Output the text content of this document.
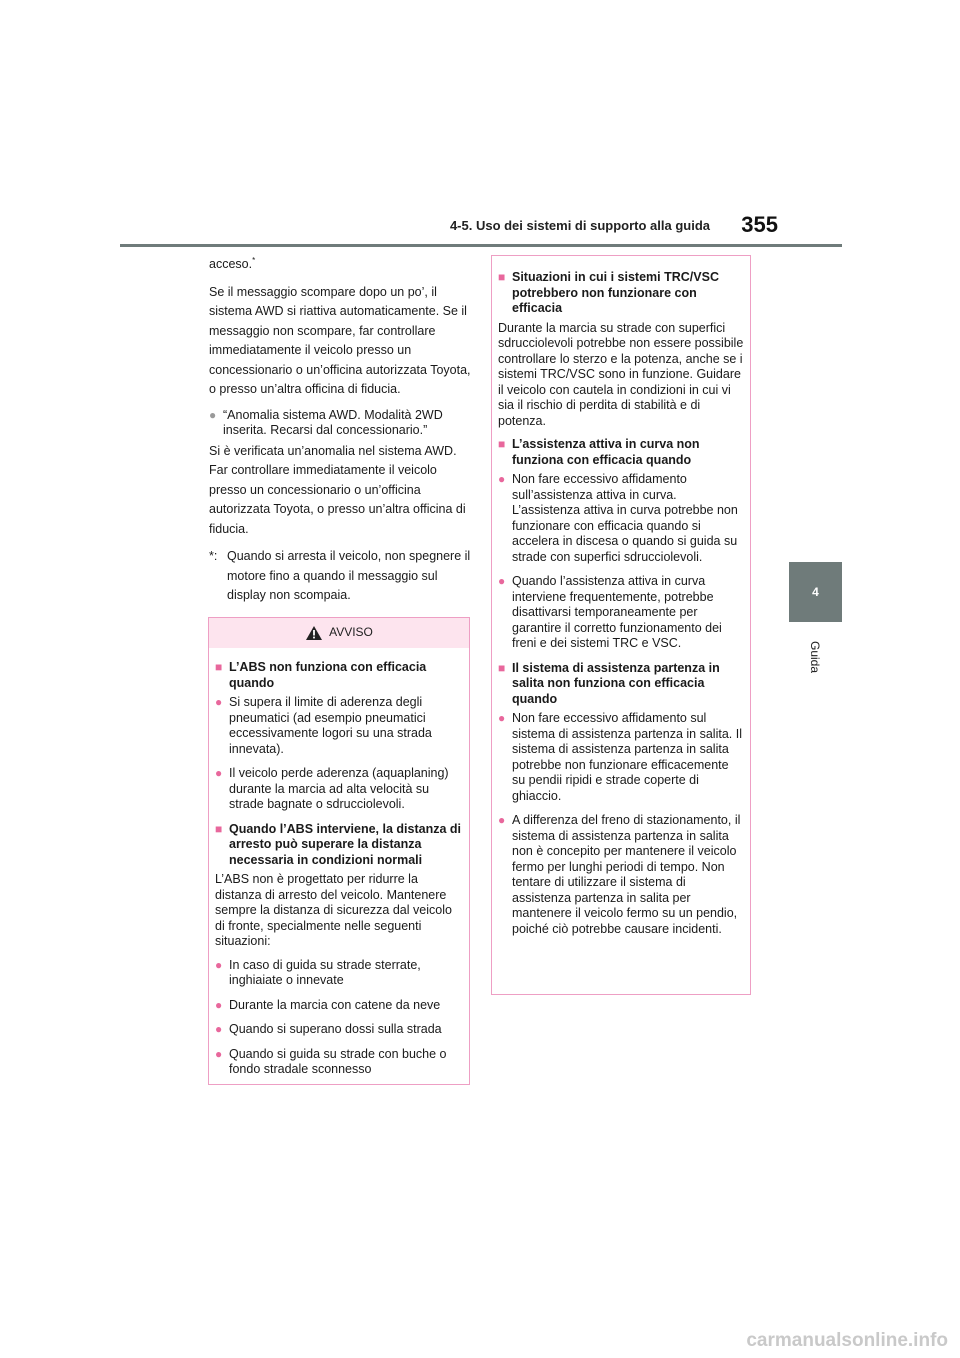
4-5. Uso dei sistemi di supporto alla guida	355
4
Guida

acceso.*

Se il messaggio scompare dopo un po’, il sistema AWD si riattiva automaticamente. Se il messaggio non scompare, far controllare immediatamente il veicolo presso un concessionario o un’officina autorizzata Toyota, o presso un’altra officina di fiducia.

● “Anomalia sistema AWD. Modalità 2WD inserita. Recarsi dal concessionario.”

Si è verificata un’anomalia nel sistema AWD. Far controllare immediatamente il veicolo presso un concessionario o un’officina autorizzata Toyota, o presso un’altra officina di fiducia.

*: Quando si arresta il veicolo, non spegnere il motore fino a quando il messaggio sul display non scompaia.
AVVISO
■ L’ABS non funziona con efficacia quando
● Si supera il limite di aderenza degli pneumatici (ad esempio pneumatici eccessivamente logori su una strada innevata).
● Il veicolo perde aderenza (aquaplaning) durante la marcia ad alta velocità su strade bagnate o sdrucciolevoli.
■ Quando l’ABS interviene, la distanza di arresto può superare la distanza necessaria in condizioni normali
L’ABS non è progettato per ridurre la distanza di arresto del veicolo. Mantenere sempre la distanza di sicurezza dal veicolo di fronte, specialmente nelle seguenti situazioni:
● In caso di guida su strade sterrate, inghiaiate o innevate
● Durante la marcia con catene da neve
● Quando si superano dossi sulla strada
● Quando si guida su strade con buche o fondo stradale sconnesso
■ Situazioni in cui i sistemi TRC/VSC potrebbero non funzionare con efficacia
Durante la marcia su strade con superfici sdrucciolevoli potrebbe non essere possibile controllare lo sterzo e la potenza, anche se i sistemi TRC/VSC sono in funzione. Guidare il veicolo con cautela in condizioni in cui vi sia il rischio di perdita di stabilità e di potenza.
■ L’assistenza attiva in curva non funziona con efficacia quando
● Non fare eccessivo affidamento sull’assistenza attiva in curva. L’assistenza attiva in curva potrebbe non funzionare con efficacia quando si accelera in discesa o quando si guida su strade con superfici sdrucciolevoli.
● Quando l’assistenza attiva in curva interviene frequentemente, potrebbe disattivarsi temporaneamente per garantire il corretto funzionamento dei freni e dei sistemi TRC e VSC.
■ Il sistema di assistenza partenza in salita non funziona con efficacia quando
● Non fare eccessivo affidamento sul sistema di assistenza partenza in salita. Il sistema di assistenza partenza in salita potrebbe non funzionare efficacemente su pendii ripidi e strade coperte di ghiaccio.
● A differenza del freno di stazionamento, il sistema di assistenza partenza in salita non è concepito per mantenere il veicolo fermo per lunghi periodi di tempo. Non tentare di utilizzare il sistema di assistenza partenza in salita per mantenere il veicolo fermo su un pendio, poiché ciò potrebbe causare incidenti.
carmanualsonline.info
